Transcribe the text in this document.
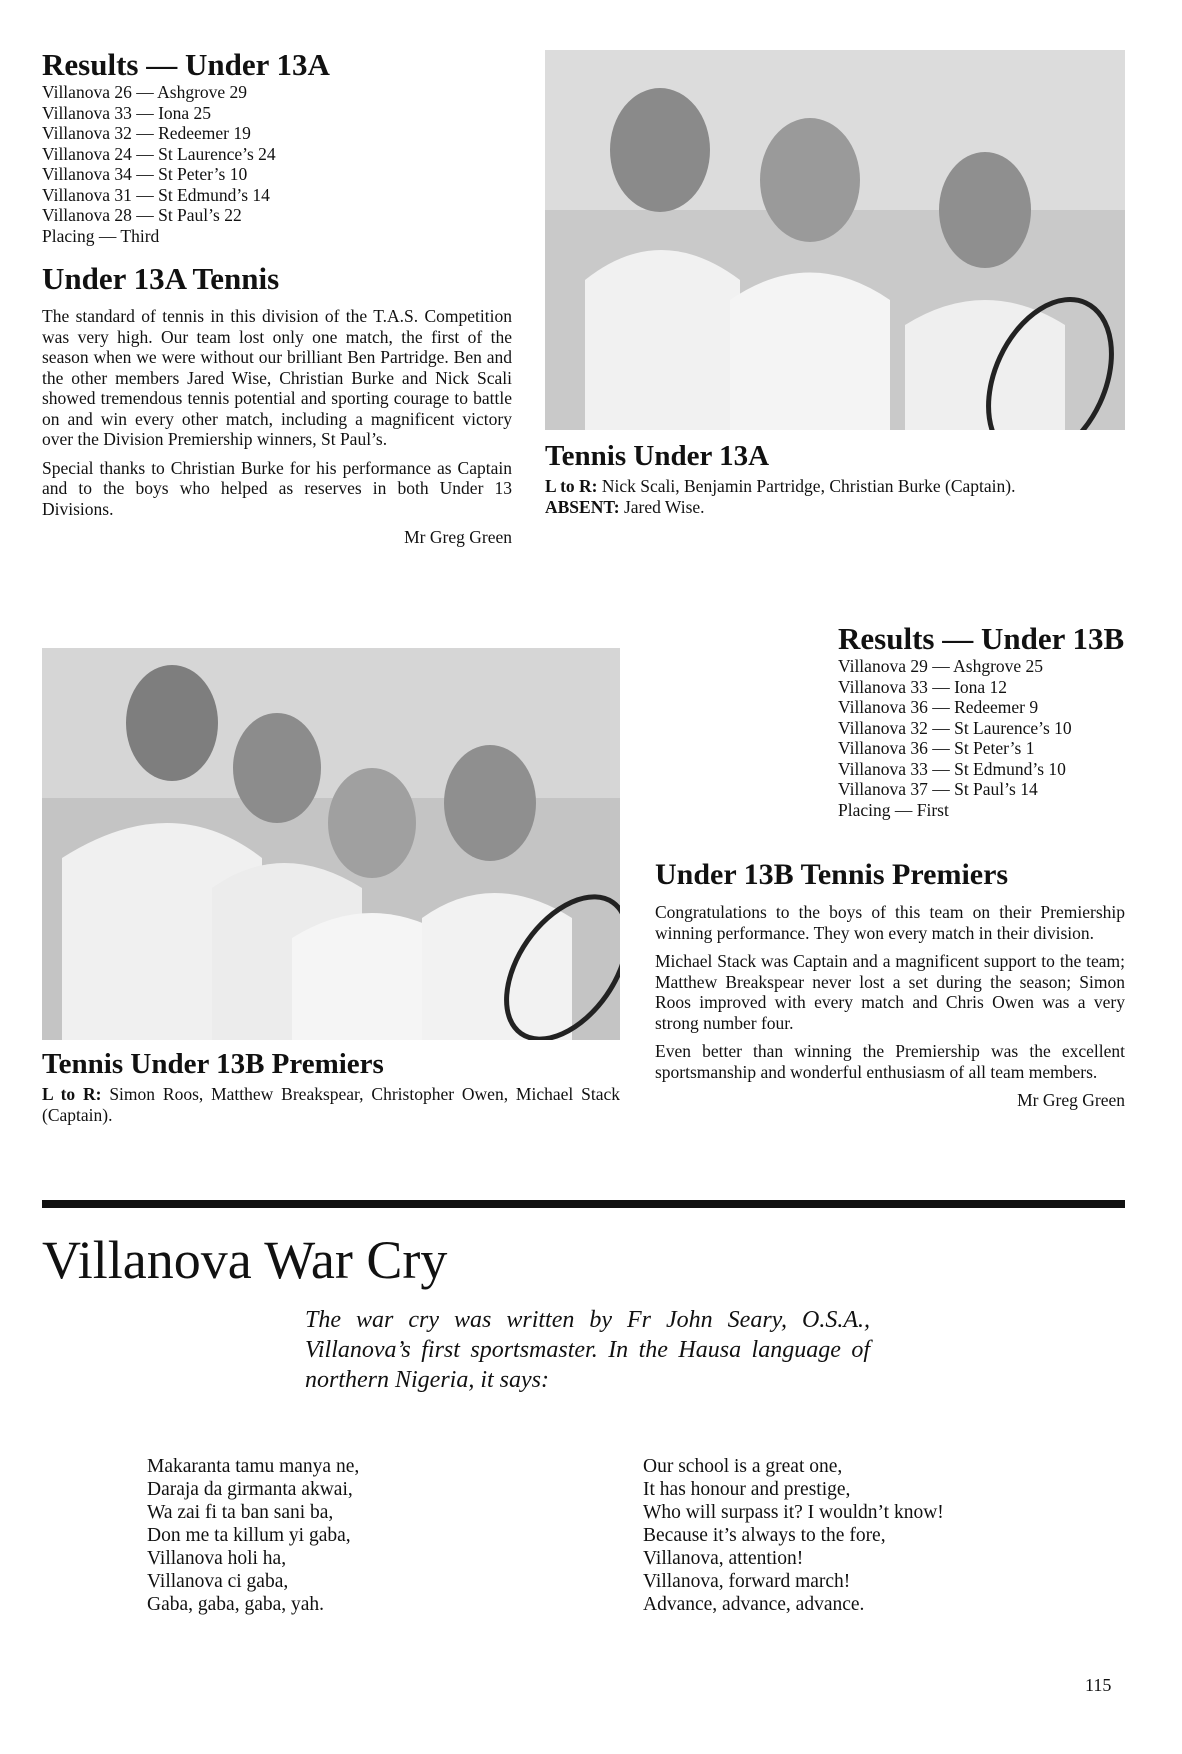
Results — Under 13A
Villanova 26 — Ashgrove 29
Villanova 33 — Iona 25
Villanova 32 — Redeemer 19
Villanova 24 — St Laurence’s 24
Villanova 34 — St Peter’s 10
Villanova 31 — St Edmund’s 14
Villanova 28 — St Paul’s 22
Placing — Third
Under 13A Tennis

The standard of tennis in this division of the T.A.S. Competition was very high. Our team lost only one match, the first of the season when we were without our brilliant Ben Partridge. Ben and the other members Jared Wise, Christian Burke and Nick Scali showed tremendous tennis potential and sporting courage to battle on and win every other match, including a magnificent victory over the Division Premiership winners, St Paul’s.

Special thanks to Christian Burke for his performance as Captain and to the boys who helped as reserves in both Under 13 Divisions.

Mr Greg Green
Tennis Under 13A
L to R: Nick Scali, Benjamin Partridge, Christian Burke (Captain).
ABSENT: Jared Wise.
Tennis Under 13B Premiers
L to R: Simon Roos, Matthew Breakspear, Christopher Owen, Michael Stack (Captain).
Results — Under 13B
Villanova 29 — Ashgrove 25
Villanova 33 — Iona 12
Villanova 36 — Redeemer 9
Villanova 32 — St Laurence’s 10
Villanova 36 — St Peter’s 1
Villanova 33 — St Edmund’s 10
Villanova 37 — St Paul’s 14
Placing — First
Under 13B Tennis Premiers

Congratulations to the boys of this team on their Premiership winning performance. They won every match in their division.

Michael Stack was Captain and a magnificent support to the team; Matthew Breakspear never lost a set during the season; Simon Roos improved with every match and Chris Owen was a very strong number four.

Even better than winning the Premiership was the excellent sportsmanship and wonderful enthusiasm of all team members.

Mr Greg Green
Villanova War Cry
The war cry was written by Fr John Seary, O.S.A., Villanova’s first sportsmaster. In the Hausa language of northern Nigeria, it says:
Makaranta tamu manya ne,
Daraja da girmanta akwai,
Wa zai fi ta ban sani ba,
Don me ta killum yi gaba,
Villanova holi ha,
Villanova ci gaba,
Gaba, gaba, gaba, yah.
Our school is a great one,
It has honour and prestige,
Who will surpass it? I wouldn’t know!
Because it’s always to the fore,
Villanova, attention!
Villanova, forward march!
Advance, advance, advance.
115
